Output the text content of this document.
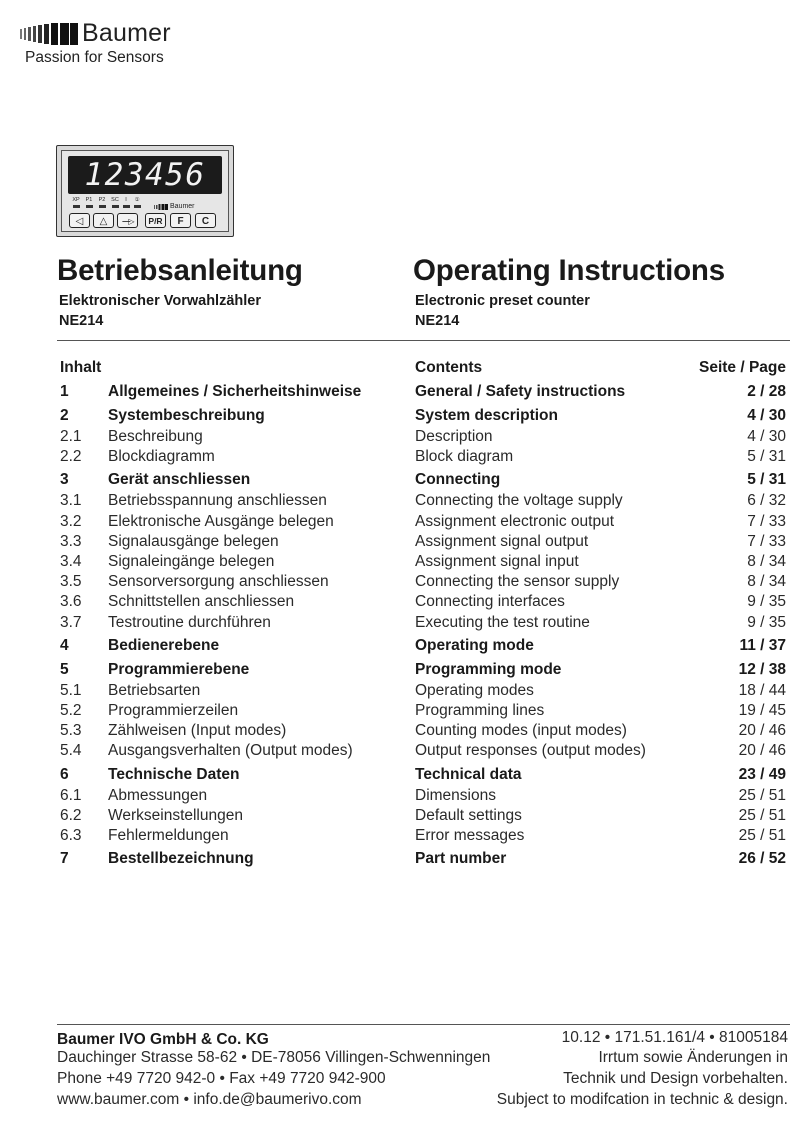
Baumer
Passion for Sensors
123456
XP	P1	P2	SC	I	①
Baumer
◁	△	—▷	P/R	F	C
Betriebsanleitung
Elektronischer Vorwahlzähler
NE214
Operating Instructions
Electronic preset counter
NE214
Inhalt	Contents	Seite / Page
1	Allgemeines / Sicherheitshinweise	General / Safety instructions	2 / 28
2	Systembeschreibung	System description	4 / 30
2.1 Beschreibung	Description	4 / 30
2.2 Blockdiagramm	Block diagram	5 / 31
3	Gerät anschliessen	Connecting	5 / 31
3.1 Betriebsspannung anschliessen	Connecting the voltage supply	6 / 32
3.2 Elektronische Ausgänge belegen	Assignment electronic output	7 / 33
3.3 Signalausgänge belegen	Assignment signal output	7 / 33
3.4 Signaleingänge belegen	Assignment signal input	8 / 34
3.5 Sensorversorgung anschliessen	Connecting the sensor supply	8 / 34
3.6 Schnittstellen anschliessen	Connecting interfaces	9 / 35
3.7 Testroutine durchführen	Executing the test routine	9 / 35
4	Bedienerebene	Operating mode	11 / 37
5	Programmierebene	Programming mode	12 / 38
5.1 Betriebsarten	Operating modes	18 / 44
5.2 Programmierzeilen	Programming lines	19 / 45
5.3 Zählweisen (Input modes)	Counting modes (input modes)	20 / 46
5.4 Ausgangsverhalten (Output modes)	Output responses (output modes)	20 / 46
6	Technische Daten	Technical data	23 / 49
6.1 Abmessungen	Dimensions	25 / 51
6.2 Werkseinstellungen	Default settings	25 / 51
6.3 Fehlermeldungen	Error messages	25 / 51
7	Bestellbezeichnung	Part number	26 / 52
Baumer IVO GmbH & Co. KG
Dauchinger Strasse 58-62 • DE-78056 Villingen-Schwenningen
Phone +49 7720 942-0 • Fax +49 7720 942-900
www.baumer.com • info.de@baumerivo.com
10.12 • 171.51.161/4 • 81005184
Irrtum sowie Änderungen in
Technik und Design vorbehalten.
Subject to modifcation in technic & design.
